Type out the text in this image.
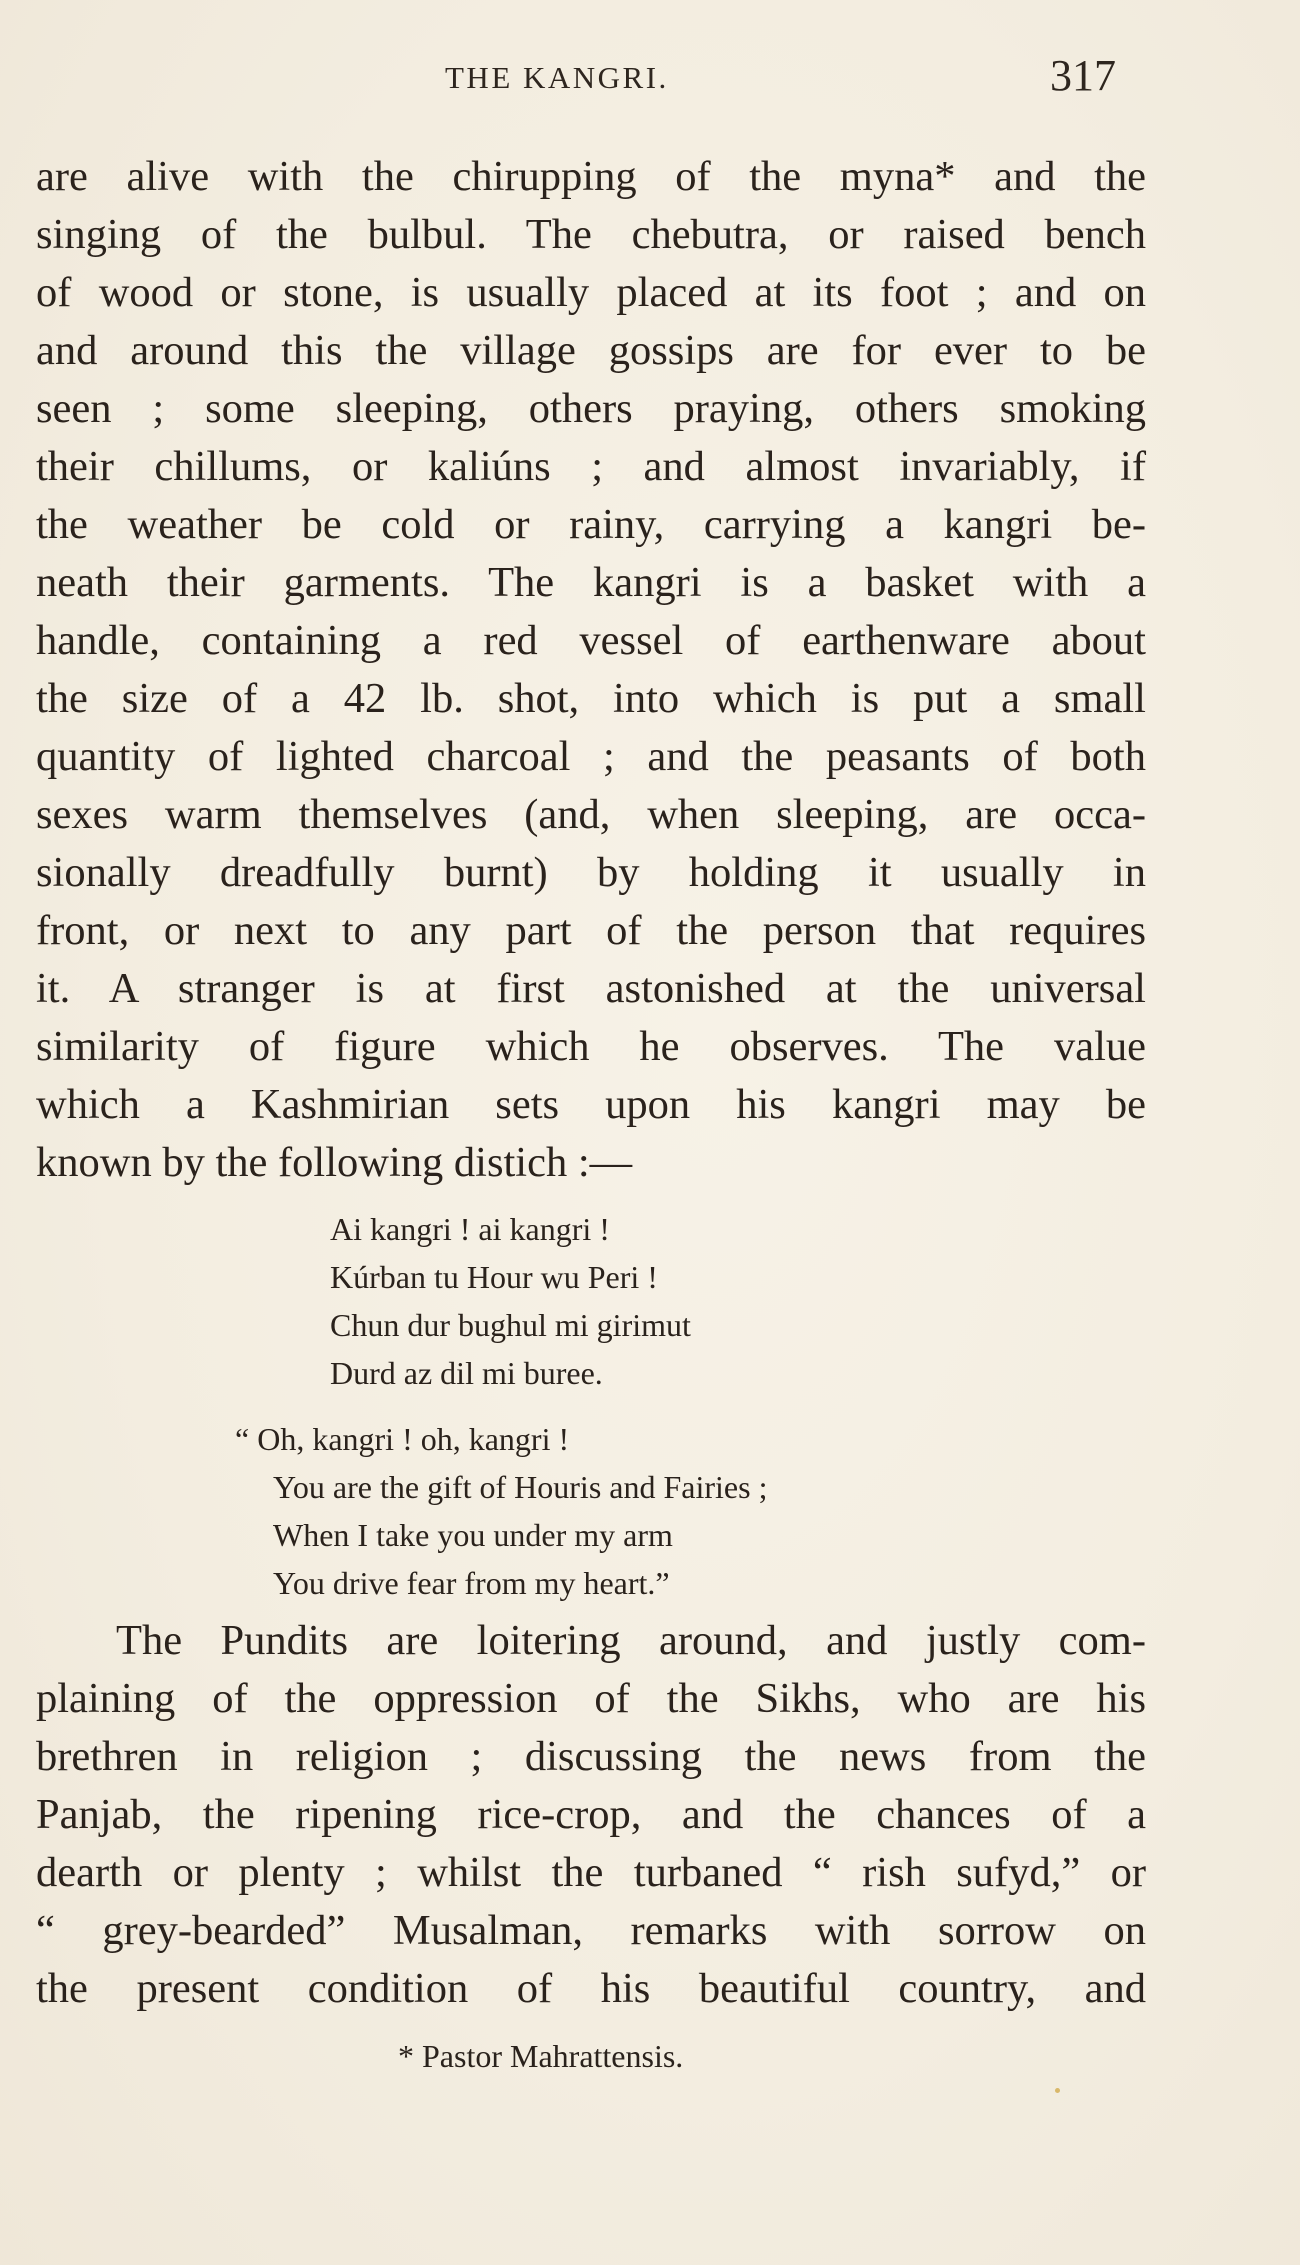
THE KANGRI.	317
are alive with the chirupping of the myna* and the
singing of the bulbul. The chebutra, or raised bench
of wood or stone, is usually placed at its foot ; and on
and around this the village gossips are for ever to be
seen ; some sleeping, others praying, others smoking
their chillums, or kaliúns ; and almost invariably, if
the weather be cold or rainy, carrying a kangri be-
neath their garments. The kangri is a basket with a
handle, containing a red vessel of earthenware about
the size of a 42 lb. shot, into which is put a small
quantity of lighted charcoal ; and the peasants of both
sexes warm themselves (and, when sleeping, are occa-
sionally dreadfully burnt) by holding it usually in
front, or next to any part of the person that requires
it. A stranger is at first astonished at the universal
similarity of figure which he observes. The value
which a Kashmirian sets upon his kangri may be
known by the following distich :—
Ai kangri ! ai kangri !
Kúrban tu Hour wu Peri !
Chun dur bughul mi girimut
Durd az dil mi buree.
“ Oh, kangri ! oh, kangri !
You are the gift of Houris and Fairies ;
When I take you under my arm
You drive fear from my heart.”
The Pundits are loitering around, and justly com-
plaining of the oppression of the Sikhs, who are his
brethren in religion ; discussing the news from the
Panjab, the ripening rice-crop, and the chances of a
dearth or plenty ; whilst the turbaned “ rish sufyd,” or
“ grey-bearded” Musalman, remarks with sorrow on
the present condition of his beautiful country, and
* Pastor Mahrattensis.
